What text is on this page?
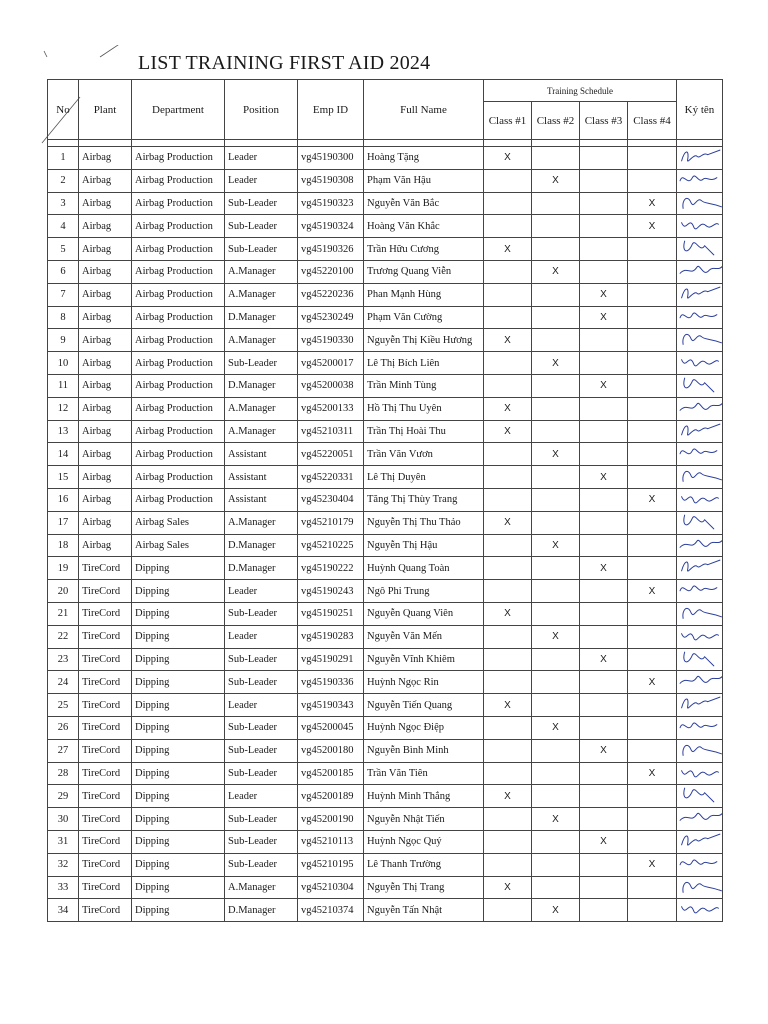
LIST TRAINING FIRST AID 2024
No	Plant	Department	Position	Emp ID	Full Name	Training Schedule				Ký tên
						Class #1	Class #2	Class #3	Class #4	

1	Airbag	Airbag Production	Leader	vg45190300	Hoàng Tặng	X				

2	Airbag	Airbag Production	Leader	vg45190308	Phạm Văn Hậu		X			

3	Airbag	Airbag Production	Sub-Leader	vg45190323	Nguyễn Văn Bắc				X	

4	Airbag	Airbag Production	Sub-Leader	vg45190324	Hoàng Văn Khắc				X	

5	Airbag	Airbag Production	Sub-Leader	vg45190326	Trần Hữu Cương	X				

6	Airbag	Airbag Production	A.Manager	vg45220100	Trương Quang Viễn		X			

7	Airbag	Airbag Production	A.Manager	vg45220236	Phan Mạnh Hùng			X		

8	Airbag	Airbag Production	D.Manager	vg45230249	Phạm Văn Cường			X		

9	Airbag	Airbag Production	A.Manager	vg45190330	Nguyễn Thị Kiều Hương	X				

10	Airbag	Airbag Production	Sub-Leader	vg45200017	Lê Thị Bích Liên		X			

11	Airbag	Airbag Production	D.Manager	vg45200038	Trần Minh Tùng			X		

12	Airbag	Airbag Production	A.Manager	vg45200133	Hồ Thị Thu Uyên	X				

13	Airbag	Airbag Production	A.Manager	vg45210311	Trần Thị Hoài Thu	X				

14	Airbag	Airbag Production	Assistant	vg45220051	Trần Văn Vươn		X			

15	Airbag	Airbag Production	Assistant	vg45220331	Lê Thị Duyên			X		

16	Airbag	Airbag Production	Assistant	vg45230404	Tăng Thị Thùy Trang				X	

17	Airbag	Airbag Sales	A.Manager	vg45210179	Nguyễn Thị Thu Thảo	X				

18	Airbag	Airbag Sales	D.Manager	vg45210225	Nguyễn Thị Hậu		X			

19	TireCord	Dipping	D.Manager	vg45190222	Huỳnh Quang Toàn			X		

20	TireCord	Dipping	Leader	vg45190243	Ngô Phi Trung				X	

21	TireCord	Dipping	Sub-Leader	vg45190251	Nguyễn Quang Viên	X				

22	TireCord	Dipping	Leader	vg45190283	Nguyễn Văn Mến		X			

23	TireCord	Dipping	Sub-Leader	vg45190291	Nguyễn Vĩnh Khiêm			X		

24	TireCord	Dipping	Sub-Leader	vg45190336	Huỳnh Ngọc Rin				X	

25	TireCord	Dipping	Leader	vg45190343	Nguyễn Tiến Quang	X				

26	TireCord	Dipping	Sub-Leader	vg45200045	Huỳnh Ngọc Điệp		X			

27	TireCord	Dipping	Sub-Leader	vg45200180	Nguyễn Bình Minh			X		

28	TireCord	Dipping	Sub-Leader	vg45200185	Trần Văn Tiên				X	

29	TireCord	Dipping	Leader	vg45200189	Huỳnh Minh Thắng	X				

30	TireCord	Dipping	Sub-Leader	vg45200190	Nguyễn Nhật Tiến		X			

31	TireCord	Dipping	Sub-Leader	vg45210113	Huỳnh Ngọc Quý			X		

32	TireCord	Dipping	Sub-Leader	vg45210195	Lê Thanh Trường				X	

33	TireCord	Dipping	A.Manager	vg45210304	Nguyễn Thị Trang	X				

34	TireCord	Dipping	D.Manager	vg45210374	Nguyễn Tấn Nhật		X			
